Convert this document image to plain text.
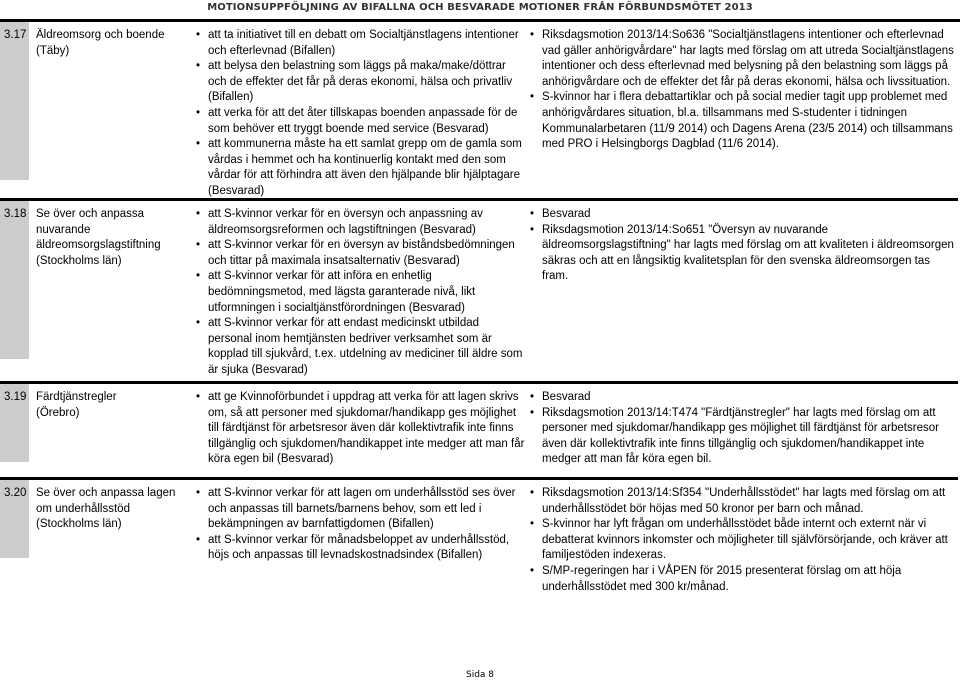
MOTIONSUPPFÖLJNING AV BIFALLNA OCH BESVARADE MOTIONER FRÅN FÖRBUNDSMÖTET 2013
3.17 Äldreomsorg och boende
(Täby)
• att ta initiativet till en debatt om Socialtjänstlagens intentioner och efterlevnad (Bifallen)
• att belysa den belastning som läggs på maka/make/döttrar och de effekter det får på deras ekonomi, hälsa och privatliv (Bifallen)
• att verka för att det åter tillskapas boenden anpassade för de som behöver ett tryggt boende med service (Besvarad)
• att kommunerna måste ha ett samlat grepp om de gamla som vårdas i hemmet och ha kontinuerlig kontakt med den som vårdar för att förhindra att även den hjälpande blir hjälptagare (Besvarad)
• Riksdagsmotion 2013/14:So636 "Socialtjänstlagens intentioner och efterlevnad vad gäller anhörigvårdare" har lagts med förslag om att utreda Socialtjänstlagens intentioner och dess efterlevnad med belysning på den belastning som läggs på anhörigvårdare och de effekter det får på deras ekonomi, hälsa och livssituation.
• S-kvinnor har i flera debattartiklar och på social medier tagit upp problemet med anhörigvårdares situation, bl.a. tillsammans med S-studenter i tidningen Kommunalarbetaren (11/9 2014) och Dagens Arena (23/5 2014) och tillsammans med PRO i Helsingborgs Dagblad (11/6 2014).
3.18 Se över och anpassa nuvarande äldreomsorgslagstiftning
(Stockholms län)
• att S-kvinnor verkar för en översyn och anpassning av äldreomsorgsreformen och lagstiftningen (Besvarad)
• att S-kvinnor verkar för en översyn av biståndsbedömningen och tittar på maximala insatsalternativ (Besvarad)
• att S-kvinnor verkar för att införa en enhetlig bedömningsmetod, med lägsta garanterade nivå, likt utformningen i socialtjänstförordningen (Besvarad)
• att S-kvinnor verkar för att endast medicinskt utbildad personal inom hemtjänsten bedriver verksamhet som är kopplad till sjukvård, t.ex. utdelning av mediciner till äldre som är sjuka (Besvarad)
• Besvarad
• Riksdagsmotion 2013/14:So651 "Översyn av nuvarande äldreomsorgslagstiftning" har lagts med förslag om att kvaliteten i äldreomsorgen säkras och att en långsiktig kvalitetsplan för den svenska äldreomsorgen tas fram.
3.19 Färdtjänstregler
(Örebro)
• att ge Kvinnoförbundet i uppdrag att verka för att lagen skrivs om, så att personer med sjukdomar/handikapp ges möjlighet till färdtjänst för arbetsresor även där kollektivtrafik inte finns tillgänglig och sjukdomen/handikappet inte medger att man får köra egen bil (Besvarad)
• Besvarad
• Riksdagsmotion 2013/14:T474 "Färdtjänstregler" har lagts med förslag om att personer med sjukdomar/handikapp ges möjlighet till färdtjänst för arbetsresor även där kollektivtrafik inte finns tillgänglig och sjukdomen/handikappet inte medger att man får köra egen bil.
3.20 Se över och anpassa lagen om underhållsstöd
(Stockholms län)
• att S-kvinnor verkar för att lagen om underhållsstöd ses över och anpassas till barnets/barnens behov, som ett led i bekämpningen av barnfattigdomen (Bifallen)
• att S-kvinnor verkar för månadsbeloppet av underhållsstöd, höjs och anpassas till levnadskostnadsindex (Bifallen)
• Riksdagsmotion 2013/14:Sf354 "Underhållsstödet" har lagts med förslag om att underhållsstödet bör höjas med 50 kronor per barn och månad.
• S-kvinnor har lyft frågan om underhållsstödet både internt och externt när vi debatterat kvinnors inkomster och möjligheter till självförsörjande, och kräver att familjestöden indexeras.
• S/MP-regeringen har i VÅPEN för 2015 presenterat förslag om att höja underhållsstödet med 300 kr/månad.
Sida 8
